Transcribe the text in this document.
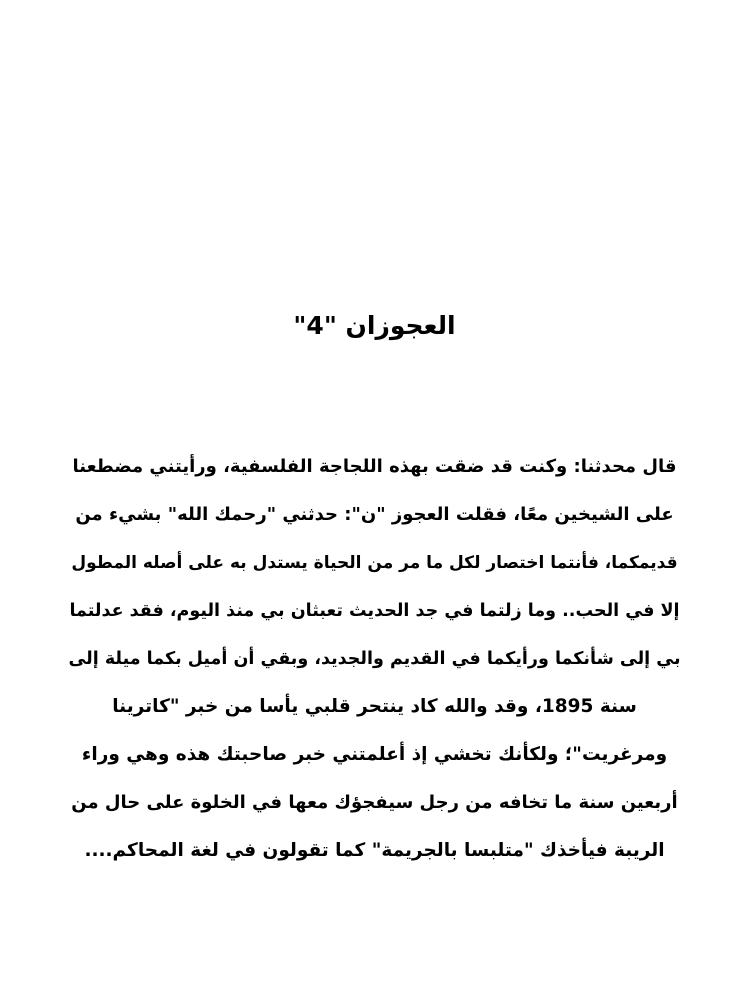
العجوزان "4"
قال محدثنا: وكنت قد ضقت بهذه اللجاجة الفلسفية، ورأيتني مضطعنا
على الشيخين معًا، فقلت العجوز "ن": حدثني "رحمك الله" بشيء من
قديمكما، فأنتما اختصار لكل ما مر من الحياة يستدل به على أصله المطول
إلا في الحب.. وما زلتما في جد الحديث تعبثان بي منذ اليوم، فقد عدلتما
بي إلى شأنكما ورأيكما في القديم والجديد، وبقي أن أميل بكما ميلة إلى
سنة 1895، وقد والله كاد ينتحر قلبي يأسا من خبر "كاترينا
ومرغريت"؛ ولكأنك تخشي إذ أعلمتني خبر صاحبتك هذه وهي وراء
أربعين سنة ما تخافه من رجل سيفجؤك معها في الخلوة على حال من
الريبة فيأخذك "متلبسا بالجريمة" كما تقولون في لغة المحاكم....
